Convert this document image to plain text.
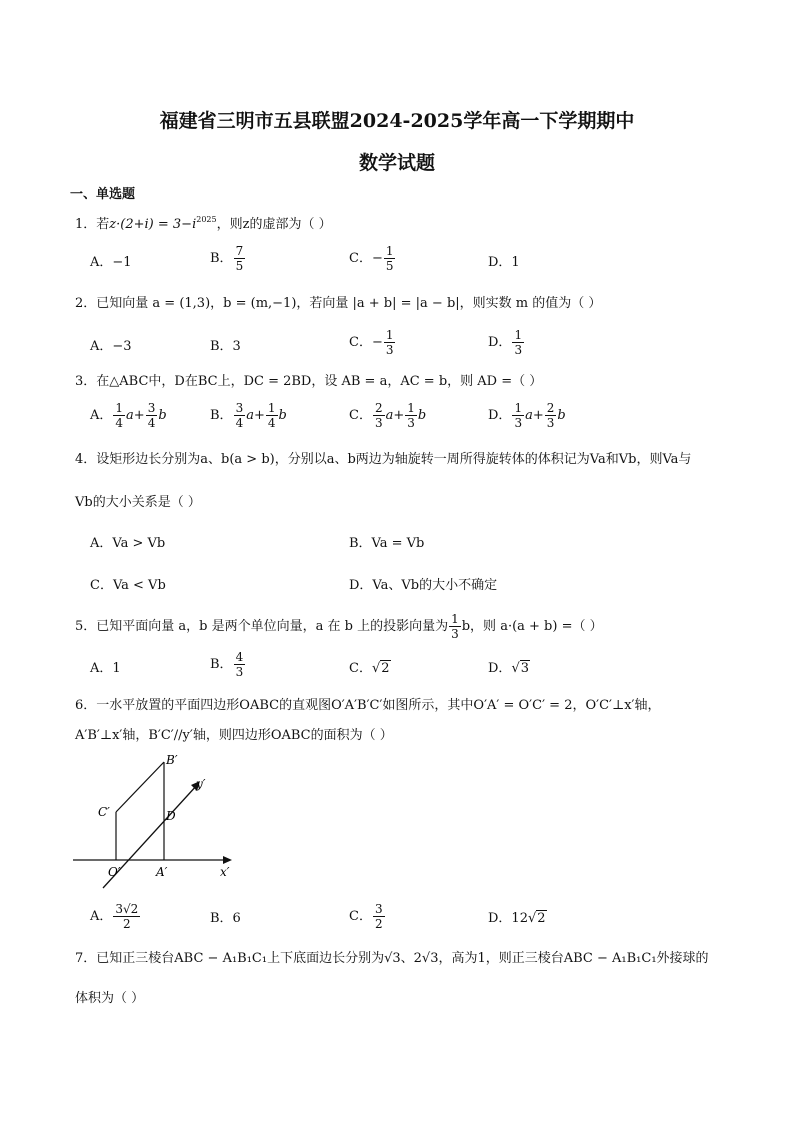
福建省三明市五县联盟2024-2025学年高一下学期期中
数学试题
一、单选题
1．若$z\cdot(2+i) = 3-i^{2025}$，则z的虚部为（ ）
A．−1	B． $\frac{7}{5}$	C．− $\frac{1}{5}$	D．1
2．已知向量 a = (1,3)，b = (m,−1)，若向量 |a + b| = |a − b|，则实数 m 的值为（ ）
A．−3	B．3	C．− $\frac{1}{3}$	D． $\frac{1}{3}$
3．在△ABC中，D在BC上，DC = 2BD，设 AB = a，AC = b，则 AD =（ ）
A． $\frac{1}{4} a+ \frac{3}{4}$ b	B． $\frac{3}{4} a+ \frac{1}{4}$ b	C． $\frac{2}{3} a+ \frac{1}{3}$ b	D． $\frac{1}{3} a+ \frac{2}{3}$ b
4．设矩形边长分别为a、b(a > b)，分别以a、b两边为轴旋转一周所得旋转体的体积记为Va和Vb，则Va与
Vb的大小关系是（ ）
A．Va > Vb	B．Va = Vb
C．Va < Vb	D．Va、Vb的大小不确定
5．已知平面向量 a，b 是两个单位向量，a 在 b 上的投影向量为 $\frac{1}{3}$ b，则 a·(a + b) =（ ）
A．1	B． $\frac{4}{3}$	C．√2	D．√3
6．一水平放置的平面四边形OABC的直观图O′A′B′C′如图所示，其中O′A′ = O′C′ = 2，O′C′⊥x′轴，
A′B′⊥x′轴，B′C′//y′轴，则四边形OABC的面积为（ ）
B′
C′	D
O′	A′	x′
y′
A． $\frac{3√2}{2}$	B．6	C． $\frac{3}{2}$	D．12√2
7．已知正三棱台ABC − A₁B₁C₁上下底面边长分别为√3、2√3，高为1，则正三棱台ABC − A₁B₁C₁外接球的
体积为（ ）
